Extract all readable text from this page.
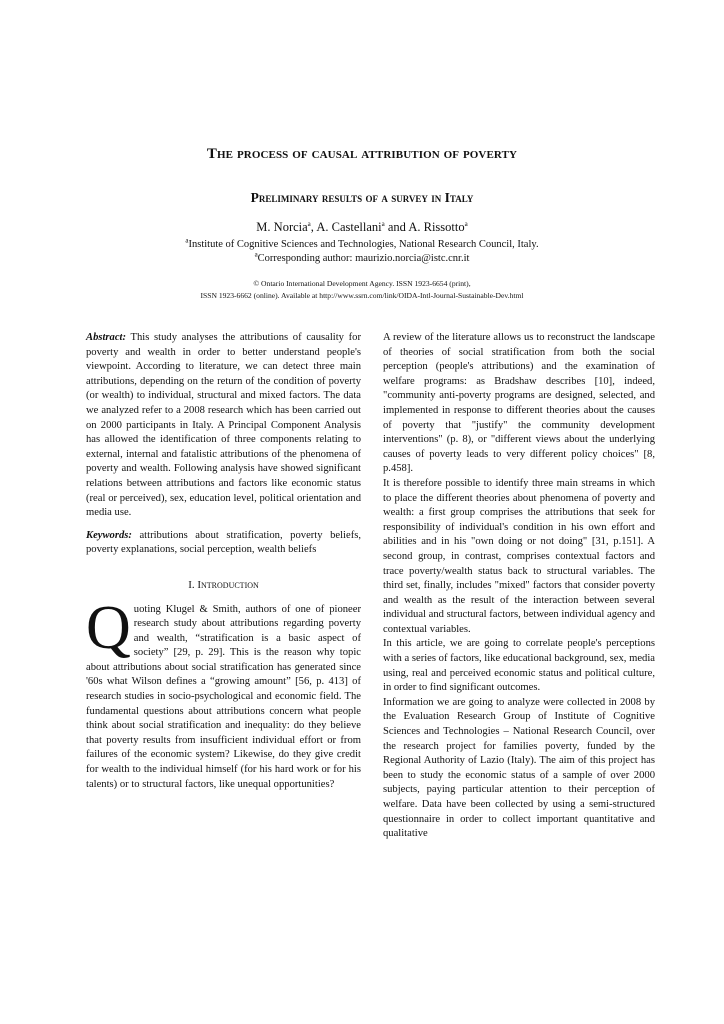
The process of causal attribution of poverty
Preliminary results of a survey in Italy
M. Norcia$^a$, A. Castellani$^a$ and A. Rissotto$^a$
$^a$Institute of Cognitive Sciences and Technologies, National Research Council, Italy.
$^a$Corresponding author: maurizio.norcia@istc.cnr.it
© Ontario International Development Agency. ISSN 1923-6654 (print),
ISSN 1923-6662 (online). Available at http://www.ssrn.com/link/OIDA-Intl-Journal-Sustainable-Dev.html

Abstract: This study analyses the attributions of causality for poverty and wealth in order to better understand people's viewpoint. According to literature, we can detect three main attributions, depending on the return of the condition of poverty (or wealth) to individual, structural and mixed factors. The data we analyzed refer to a 2008 research which has been carried out on 2000 participants in Italy. A Principal Component Analysis has allowed the identification of three components relating to external, internal and fatalistic attributions of the phenomena of poverty and wealth. Following analysis have showed significant relations between attributions and factors like economic status (real or perceived), sex, education level, political orientation and media use.

Keywords: attributions about stratification, poverty beliefs, poverty explanations, social perception, wealth beliefs

I. Introduction

Quoting Klugel & Smith, authors of one of pioneer research study about attributions regarding poverty and wealth, “stratification is a basic aspect of society” [29, p. 29]. This is the reason why topic about attributions about social stratification has generated since '60s what Wilson defines a “growing amount” [56, p. 413] of research studies in socio-psychological and economic field. The fundamental questions about attributions concern what people think about social stratification and inequality: do they believe that poverty results from insufficient individual effort or from failures of the economic system? Likewise, do they give credit for wealth to the individual himself (for his hard work or for his talents) or to structural factors, like unequal opportunities?

A review of the literature allows us to reconstruct the landscape of theories of social stratification from both the social perception (people's attributions) and the examination of welfare programs: as Bradshaw describes [10], indeed, "community anti-poverty programs are designed, selected, and implemented in response to different theories about the causes of poverty that "justify" the community development interventions" (p. 8), or "different views about the underlying causes of poverty leads to very different policy choices" [8, p.458].

It is therefore possible to identify three main streams in which to place the different theories about phenomena of poverty and wealth: a first group comprises the attributions that seek for responsibility of individual's condition in his own effort and abilities and in his "own doing or not doing" [31, p.151]. A second group, in contrast, comprises contextual factors and trace poverty/wealth status back to structural variables. The third set, finally, includes "mixed" factors that consider poverty and wealth as the result of the interaction between several individual and structural factors, between individual agency and contextual variables.

In this article, we are going to correlate people's perceptions with a series of factors, like educational background, sex, media using, real and perceived economic status and political culture, in order to find significant outcomes.

Information we are going to analyze were collected in 2008 by the Evaluation Research Group of Institute of Cognitive Sciences and Technologies – National Research Council, over the research project for families poverty, funded by the Regional Authority of Lazio (Italy). The aim of this project has been to study the economic status of a sample of over 2000 subjects, paying particular attention to their perception of welfare. Data have been collected by using a semi-structured questionnaire in order to collect important quantitative and qualitative
